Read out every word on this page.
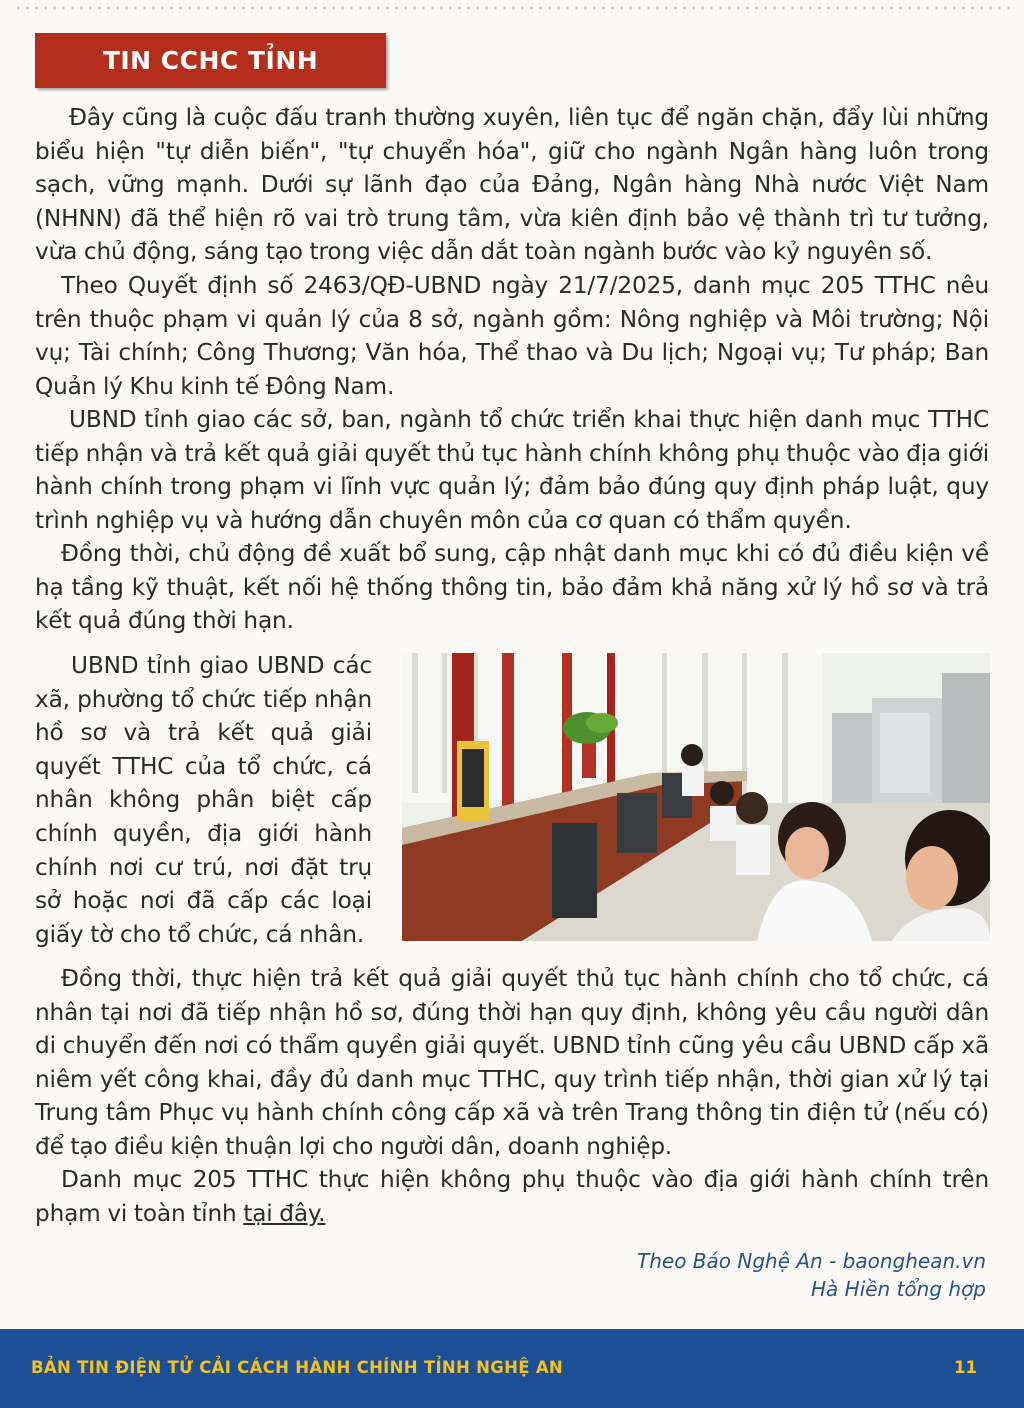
TIN CCHC TỈNH

Đây cũng là cuộc đấu tranh thường xuyên, liên tục để ngăn chặn, đẩy lùi những biểu hiện "tự diễn biến", "tự chuyển hóa", giữ cho ngành Ngân hàng luôn trong sạch, vững mạnh. Dưới sự lãnh đạo của Đảng, Ngân hàng Nhà nước Việt Nam (NHNN) đã thể hiện rõ vai trò trung tâm, vừa kiên định bảo vệ thành trì tư tưởng, vừa chủ động, sáng tạo trong việc dẫn dắt toàn ngành bước vào kỷ nguyên số.

Theo Quyết định số 2463/QĐ-UBND ngày 21/7/2025, danh mục 205 TTHC nêu trên thuộc phạm vi quản lý của 8 sở, ngành gồm: Nông nghiệp và Môi trường; Nội vụ; Tài chính; Công Thương; Văn hóa, Thể thao và Du lịch; Ngoại vụ; Tư pháp; Ban Quản lý Khu kinh tế Đông Nam.

UBND tỉnh giao các sở, ban, ngành tổ chức triển khai thực hiện danh mục TTHC tiếp nhận và trả kết quả giải quyết thủ tục hành chính không phụ thuộc vào địa giới hành chính trong phạm vi lĩnh vực quản lý; đảm bảo đúng quy định pháp luật, quy trình nghiệp vụ và hướng dẫn chuyên môn của cơ quan có thẩm quyền.

Đồng thời, chủ động đề xuất bổ sung, cập nhật danh mục khi có đủ điều kiện về hạ tầng kỹ thuật, kết nối hệ thống thông tin, bảo đảm khả năng xử lý hồ sơ và trả kết quả đúng thời hạn.

UBND tỉnh giao UBND các xã, phường tổ chức tiếp nhận hồ sơ và trả kết quả giải quyết TTHC của tổ chức, cá nhân không phân biệt cấp chính quyền, địa giới hành chính nơi cư trú, nơi đặt trụ sở hoặc nơi đã cấp các loại giấy tờ cho tổ chức, cá nhân.

Đồng thời, thực hiện trả kết quả giải quyết thủ tục hành chính cho tổ chức, cá nhân tại nơi đã tiếp nhận hồ sơ, đúng thời hạn quy định, không yêu cầu người dân di chuyển đến nơi có thẩm quyền giải quyết. UBND tỉnh cũng yêu cầu UBND cấp xã niêm yết công khai, đầy đủ danh mục TTHC, quy trình tiếp nhận, thời gian xử lý tại Trung tâm Phục vụ hành chính công cấp xã và trên Trang thông tin điện tử (nếu có) để tạo điều kiện thuận lợi cho người dân, doanh nghiệp.

Danh mục 205 TTHC thực hiện không phụ thuộc vào địa giới hành chính trên phạm vi toàn tỉnh tại đây.

Theo Báo Nghệ An - baonghean.vn
Hà Hiền tổng hợp
BẢN TIN ĐIỆN TỬ CẢI CÁCH HÀNH CHÍNH TỈNH NGHỆ AN	11
